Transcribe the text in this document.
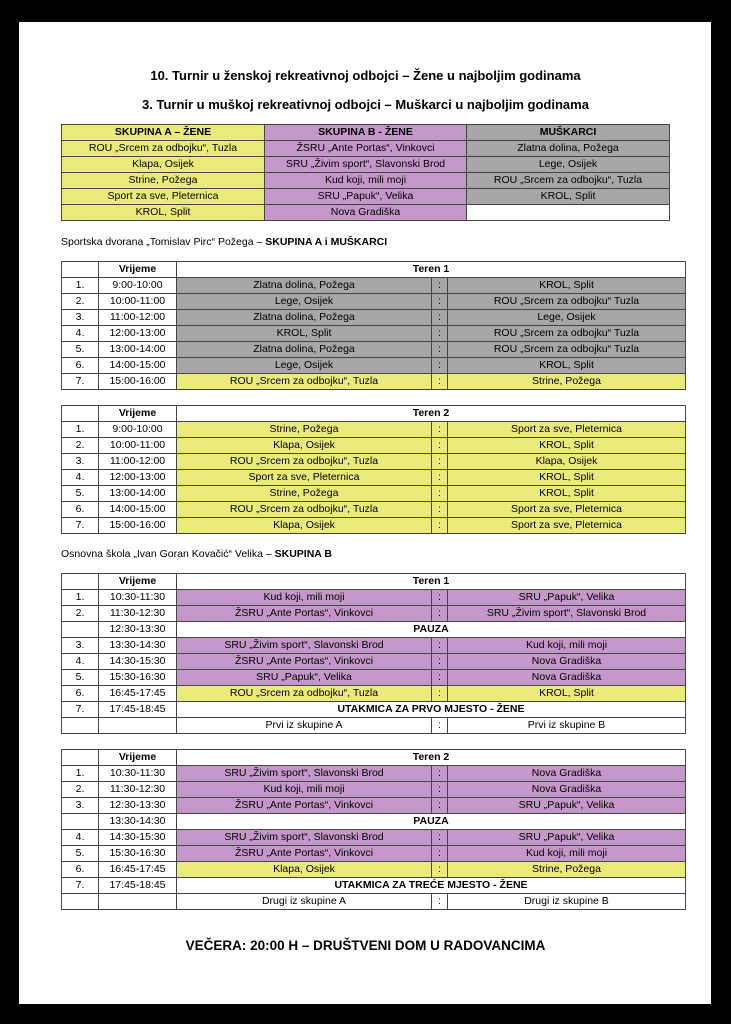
10. Turnir u ženskoj rekreativnoj odbojci – Žene u najboljim godinama
3. Turnir u muškoj rekreativnoj odbojci – Muškarci u najboljim godinama
SKUPINA A – ŽENE	SKUPINA B - ŽENE	MUŠKARCI
ROU „Srcem za odbojku“, Tuzla	ŽSRU „Ante Portas“, Vinkovci	Zlatna dolina, Požega
Klapa, Osijek	SRU „Živim sport“, Slavonski Brod	Lege, Osijek
Strine, Požega	Kud koji, mili moji	ROU „Srcem za odbojku“, Tuzla
Sport za sve, Pleternica	SRU „Papuk“, Velika	KROL, Split
KROL, Split	Nova Gradiška	
Sportska dvorana „Tomislav Pirc“ Požega – SKUPINA A i MUŠKARCI
Osnovna škola „Ivan Goran Kovačić“ Velika – SKUPINA B
VEČERA: 20:00 H – DRUŠTVENI DOM U RADOVANCIMA
	Vrijeme	Teren 1		
1.	9:00-10:00	Zlatna dolina, Požega	:	KROL, Split
2.	10:00-11:00	Lege, Osijek	:	ROU „Srcem za odbojku“ Tuzla
3.	11:00-12:00	Zlatna dolina, Požega	:	Lege, Osijek
4.	12:00-13:00	KROL, Split	:	ROU „Srcem za odbojku“ Tuzla
5.	13:00-14:00	Zlatna dolina, Požega	:	ROU „Srcem za odbojku“ Tuzla
6.	14:00-15:00	Lege, Osijek	:	KROL, Split
7.	15:00-16:00	ROU „Srcem za odbojku“, Tuzla	:	Strine, Požega
	Vrijeme	Teren 2		
1.	9:00-10:00	Strine, Požega	:	Sport za sve, Pleternica
2.	10:00-11:00	Klapa, Osijek	:	KROL, Split
3.	11:00-12:00	ROU „Srcem za odbojku“, Tuzla	:	Klapa, Osijek
4.	12:00-13:00	Sport za sve, Pleternica	:	KROL, Split
5.	13:00-14:00	Strine, Požega	:	KROL, Split
6.	14:00-15:00	ROU „Srcem za odbojku“, Tuzla	:	Sport za sve, Pleternica
7.	15:00-16:00	Klapa, Osijek	:	Sport za sve, Pleternica
	Vrijeme	Teren 1		
1.	10:30-11:30	Kud koji, mili moji	:	SRU „Papuk“, Velika
2.	11:30-12:30	ŽSRU „Ante Portas“, Vinkovci	:	SRU „Živim sport“, Slavonski Brod
	12:30-13:30	PAUZA		
3.	13:30-14:30	SRU „Živim sport“, Slavonski Brod	:	Kud koji, mili moji
4.	14:30-15:30	ŽSRU „Ante Portas“, Vinkovci	:	Nova Gradiška
5.	15:30-16:30	SRU „Papuk“, Velika	:	Nova Gradiška
6.	16:45-17:45	ROU „Srcem za odbojku“, Tuzla	:	KROL, Split
7.	17:45-18:45	UTAKMICA ZA PRVO MJESTO - ŽENE		
		Prvi iz skupine A	:	Prvi iz skupine B
	Vrijeme	Teren 2		
1.	10:30-11:30	SRU „Živim sport“, Slavonski Brod	:	Nova Gradiška
2.	11:30-12:30	Kud koji, mili moji	:	Nova Gradiška
3.	12:30-13:30	ŽSRU „Ante Portas“, Vinkovci	:	SRU „Papuk“, Velika
	13:30-14:30	PAUZA		
4.	14:30-15:30	SRU „Živim sport“, Slavonski Brod	:	SRU „Papuk“, Velika
5.	15:30-16:30	ŽSRU „Ante Portas“, Vinkovci	:	Kud koji, mili moji
6.	16:45-17:45	Klapa, Osijek	:	Strine, Požega
7.	17:45-18:45	UTAKMICA ZA TREĆE MJESTO - ŽENE		
		Drugi iz skupine A	:	Drugi iz skupine B
